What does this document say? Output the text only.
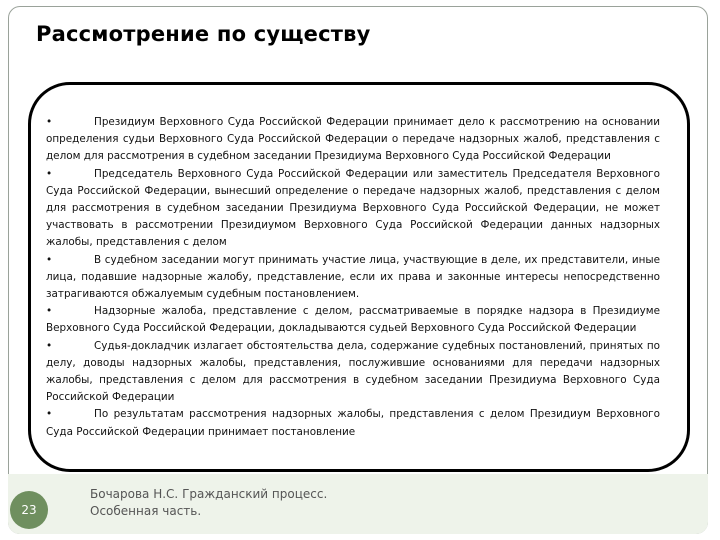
Рассмотрение по существу

•	Президиум Верховного Суда Российской Федерации принимает дело к рассмотрению на основании определения судьи Верховного Суда Российской Федерации о передаче надзорных жалоб, представления с делом для рассмотрения в судебном заседании Президиума Верховного Суда Российской Федерации

•	Председатель Верховного Суда Российской Федерации или заместитель Председателя Верховного Суда Российской Федерации, вынесший определение о передаче надзорных жалоб, представления с делом для рассмотрения в судебном заседании Президиума Верховного Суда Российской Федерации, не может участвовать в рассмотрении Президиумом Верховного Суда Российской Федерации данных надзорных жалобы, представления с делом

•	В судебном заседании могут принимать участие лица, участвующие в деле, их представители, иные лица, подавшие надзорные жалобу, представление, если их права и законные интересы непосредственно затрагиваются обжалуемым судебным постановлением.

•	Надзорные жалоба, представление с делом, рассматриваемые в порядке надзора в Президиуме Верховного Суда Российской Федерации, докладываются судьей Верховного Суда Российской Федерации

•	Судья-докладчик излагает обстоятельства дела, содержание судебных постановлений, принятых по делу, доводы надзорных жалобы, представления, послужившие основаниями для передачи надзорных жалобы, представления с делом для рассмотрения в судебном заседании Президиума Верховного Суда Российской Федерации

•	По результатам рассмотрения надзорных жалобы, представления с делом Президиум Верховного Суда Российской Федерации принимает постановление

23
Бочарова Н.С. Гражданский процесс.
Особенная часть.
